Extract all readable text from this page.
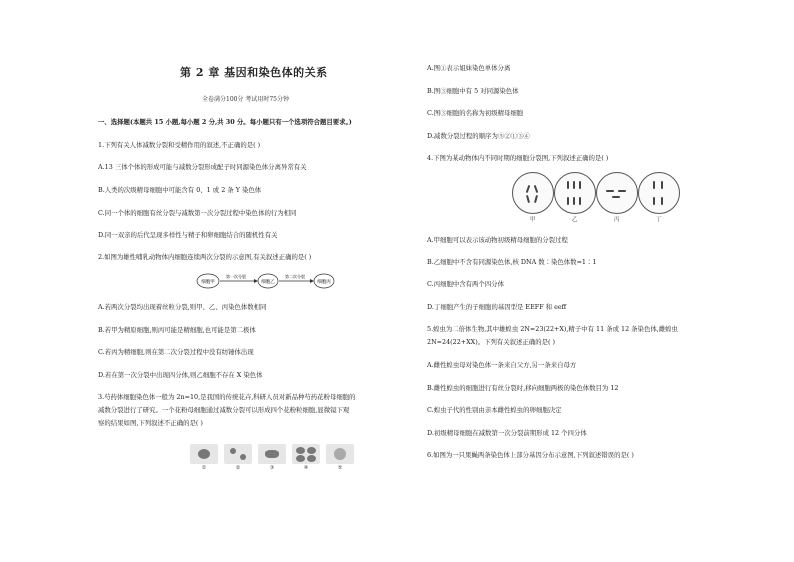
第 2 章 基因和染色体的关系
全卷满分100分 考试用时75分钟
一、选择题(本题共 15 小题,每小题 2 分,共 30 分。每小题只有一个选项符合题目要求。)
1.下列有关人体减数分裂和受精作用的叙述,不正确的是( )
A.13 三体个体的形成可能与减数分裂形成配子时同源染色体分离异常有关
B.人类的次级精母细胞中可能含有 0、1 或 2 条 Y 染色体
C.同一个体的细胞有丝分裂与减数第一次分裂过程中染色体的行为相同
D.同一双亲的后代呈现多样性与精子和卵细胞结合的随机性有关
2.如图为雄性哺乳动物体内细胞连续两次分裂的示意图,有关叙述正确的是( )
细胞甲
第一次分裂
细胞乙
第二次分裂
细胞丙
A.若两次分裂均出现着丝粒分裂,则甲、乙、丙染色体数相同
B.若甲为精原细胞,则丙可能是精细胞,也可能是第二极体
C.若丙为精细胞,则在第二次分裂过程中没有纺锤体出现
D.若在第一次分裂中出现四分体,则乙细胞不存在 X 染色体
3.芍药体细胞染色体一般为 2n=10,是我国的传统花卉,科研人员对新品种芍药花粉母细胞的
减数分裂进行了研究。一个花粉母细胞通过减数分裂可以形成四个花粉粒细胞,显微镜下观
察的结果如图,下列叙述不正确的是( )
①	②	③	④	⑤
A.图①表示姐妹染色单体分离
B.图③细胞中有 5 对同源染色体
C.图③细胞的名称为初级精母细胞
D.减数分裂过程的顺序为⑤②①③④
4.下图为某动物体内不同时期的细胞分裂图,下列叙述正确的是( )
甲	乙	丙	丁
A.甲细胞可以表示该动物初级精母细胞的分裂过程
B.乙细胞中不含有同源染色体,核 DNA 数∶染色体数=1∶1
C.丙细胞中含有两个四分体
D.丁细胞产生的子细胞的基因型是 EEFF 和 eeff
5.蝗虫为二倍体生物,其中雄蝗虫 2N=23(22+X),精子中有 11 条或 12 条染色体,雌蝗虫
2N=24(22+XX)。下列有关叙述正确的是( )
A.雌性蝗虫母对染色体一条来自父方,另一条来自母方
B.雌性蝗虫的细胞进行有丝分裂时,移向细胞两极的染色体数目为 12
C.蝗虫子代的性别由亲本雌性蝗虫的卵细胞决定
D.初级精母细胞在减数第一次分裂前期形成 12 个四分体
6.如图为一只果蝇两条染色体上部分基因分布示意图,下列叙述错误的是( )
